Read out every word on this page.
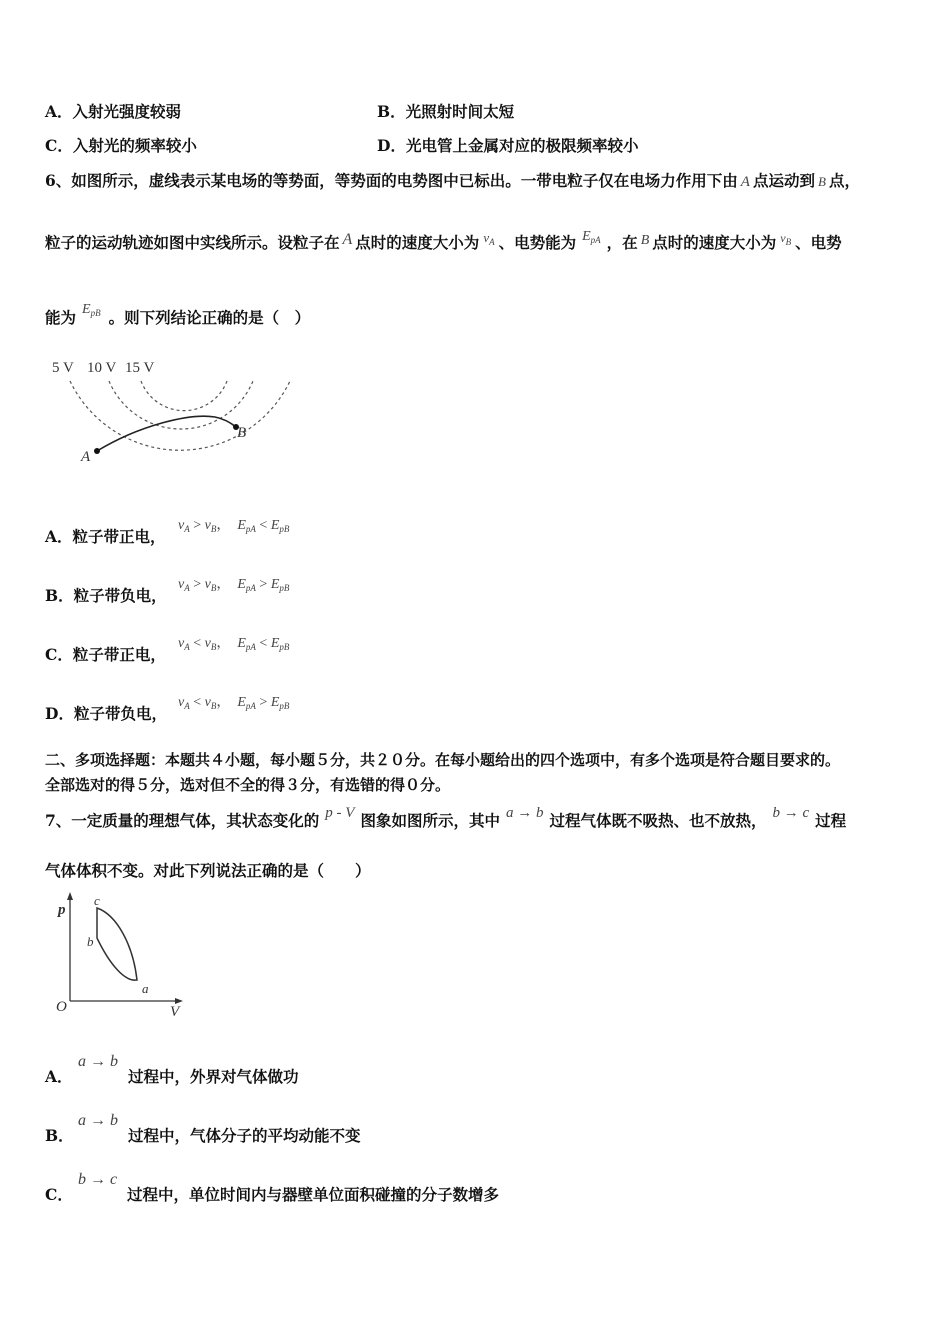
A．入射光强度较弱	B．光照射时间太短
C．入射光的频率较小	D．光电管上金属对应的极限频率较小
6、如图所示，虚线表示某电场的等势面，等势面的电势图中已标出。一带电粒子仅在电场力作用下由 A 点运动到 B 点，
粒子的运动轨迹如图中实线所示。设粒子在 A 点时的速度大小为 $^{v_A}$ 、电势能为 $E_{pA}$ ，在 B 点时的速度大小为 $^{v_B}$ 、电势
能为 $E_{pB}$ 。则下列结论正确的是（　）
5 V 10 V 15 V
A
B
A．粒子带正电，
$v_A > v_B$，  $E_{pA} < E_{pB}$
B．粒子带负电，
$v_A > v_B$，  $E_{pA} > E_{pB}$
C．粒子带正电，
$v_A < v_B$，  $E_{pA} < E_{pB}$
D．粒子带负电，
$v_A < v_B$，  $E_{pA} > E_{pB}$
二、多项选择题：本题共４小题，每小题５分，共２０分。在每小题给出的四个选项中，有多个选项是符合题目要求的。
全部选对的得５分，选对但不全的得３分，有选错的得０分。
7、一定质量的理想气体，其状态变化的 p - V 图象如图所示，其中 a → b 过程气体既不吸热、也不放热， b → c 过程
气体体积不变。对此下列说法正确的是（　　）
p
V
O
c
b
a
A．
a → b
过程中，外界对气体做功
B．
a → b
过程中，气体分子的平均动能不变
C．
b → c
过程中，单位时间内与器壁单位面积碰撞的分子数增多
